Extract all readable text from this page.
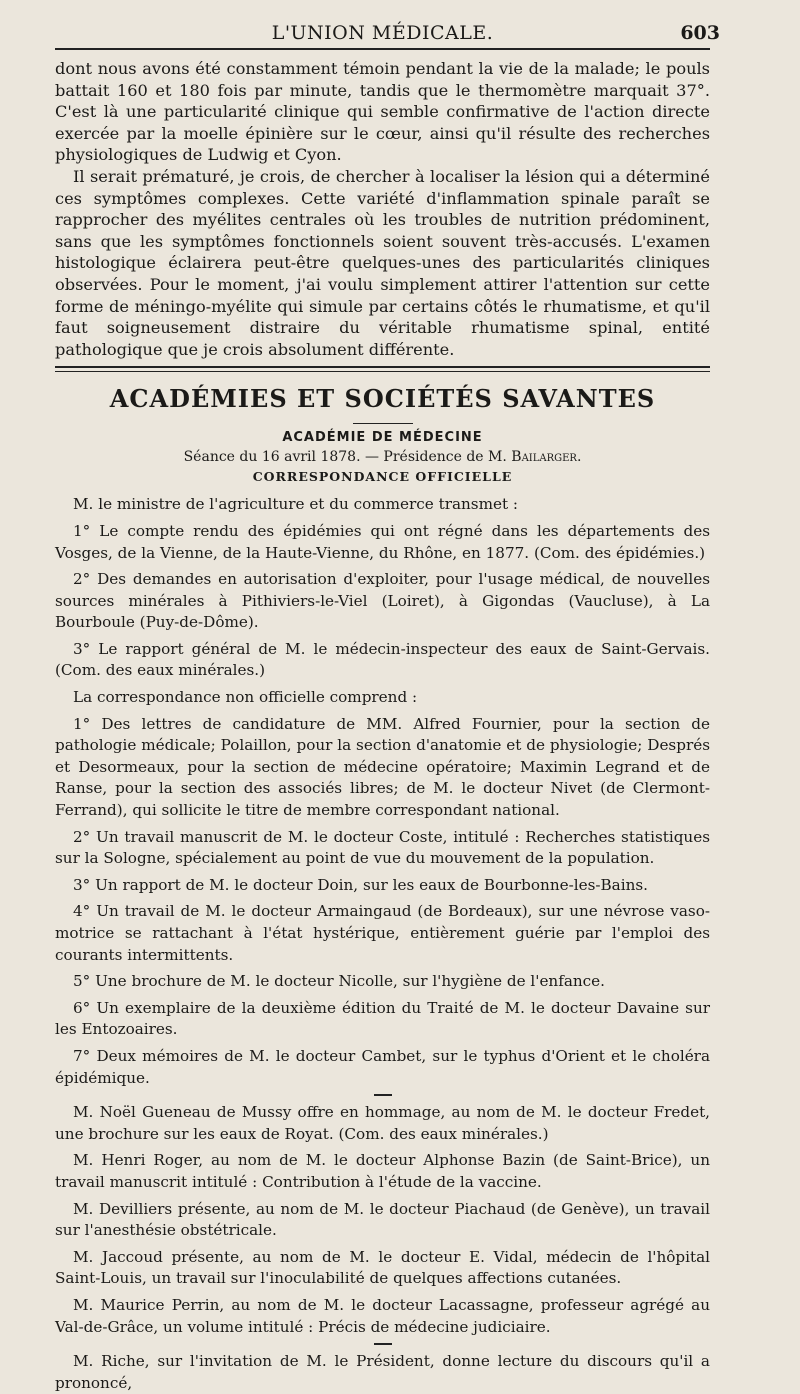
L'UNION MÉDICALE.	603

dont nous avons été constamment témoin pendant la vie de la malade; le pouls battait 160 et 180 fois par minute, tandis que le thermomètre marquait 37°. C'est là une particularité clinique qui semble confirmative de l'action directe exercée par la moelle épinière sur le cœur, ainsi qu'il résulte des recherches physiologiques de Ludwig et Cyon.

Il serait prématuré, je crois, de chercher à localiser la lésion qui a déterminé ces symptômes complexes. Cette variété d'inflammation spinale paraît se rapprocher des myélites centrales où les troubles de nutrition prédominent, sans que les symptômes fonctionnels soient souvent très-accusés. L'examen histologique éclairera peut-être quelques-unes des particularités cliniques observées. Pour le moment, j'ai voulu simplement attirer l'attention sur cette forme de méningo-myélite qui simule par certains côtés le rhumatisme, et qu'il faut soigneusement distraire du véritable rhumatisme spinal, entité pathologique que je crois absolument différente.

ACADÉMIES ET SOCIÉTÉS SAVANTES
ACADÉMIE DE MÉDECINE
Séance du 16 avril 1878. — Présidence de M. Bailarger.
CORRESPONDANCE OFFICIELLE

M. le ministre de l'agriculture et du commerce transmet :

1° Le compte rendu des épidémies qui ont régné dans les départements des Vosges, de la Vienne, de la Haute-Vienne, du Rhône, en 1877. (Com. des épidémies.)

2° Des demandes en autorisation d'exploiter, pour l'usage médical, de nouvelles sources minérales à Pithiviers-le-Viel (Loiret), à Gigondas (Vaucluse), à La Bourboule (Puy-de-Dôme).

3° Le rapport général de M. le médecin-inspecteur des eaux de Saint-Gervais. (Com. des eaux minérales.)

La correspondance non officielle comprend :

1° Des lettres de candidature de MM. Alfred Fournier, pour la section de pathologie médicale; Polaillon, pour la section d'anatomie et de physiologie; Després et Desormeaux, pour la section de médecine opératoire; Maximin Legrand et de Ranse, pour la section des associés libres; de M. le docteur Nivet (de Clermont-Ferrand), qui sollicite le titre de membre correspondant national.

2° Un travail manuscrit de M. le docteur Coste, intitulé : Recherches statistiques sur la Sologne, spécialement au point de vue du mouvement de la population.

3° Un rapport de M. le docteur Doin, sur les eaux de Bourbonne-les-Bains.

4° Un travail de M. le docteur Armaingaud (de Bordeaux), sur une névrose vaso-motrice se rattachant à l'état hystérique, entièrement guérie par l'emploi des courants intermittents.

5° Une brochure de M. le docteur Nicolle, sur l'hygiène de l'enfance.

6° Un exemplaire de la deuxième édition du Traité de M. le docteur Davaine sur les Entozoaires.

7° Deux mémoires de M. le docteur Cambet, sur le typhus d'Orient et le choléra épidémique.

M. Noël Gueneau de Mussy offre en hommage, au nom de M. le docteur Fredet, une brochure sur les eaux de Royat. (Com. des eaux minérales.)

M. Henri Roger, au nom de M. le docteur Alphonse Bazin (de Saint-Brice), un travail manuscrit intitulé : Contribution à l'étude de la vaccine.

M. Devilliers présente, au nom de M. le docteur Piachaud (de Genève), un travail sur l'anesthésie obstétricale.

M. Jaccoud présente, au nom de M. le docteur E. Vidal, médecin de l'hôpital Saint-Louis, un travail sur l'inoculabilité de quelques affections cutanées.

M. Maurice Perrin, au nom de M. le docteur Lacassagne, professeur agrégé au Val-de-Grâce, un volume intitulé : Précis de médecine judiciaire.

M. Riche, sur l'invitation de M. le Président, donne lecture du discours qu'il a prononcé,
